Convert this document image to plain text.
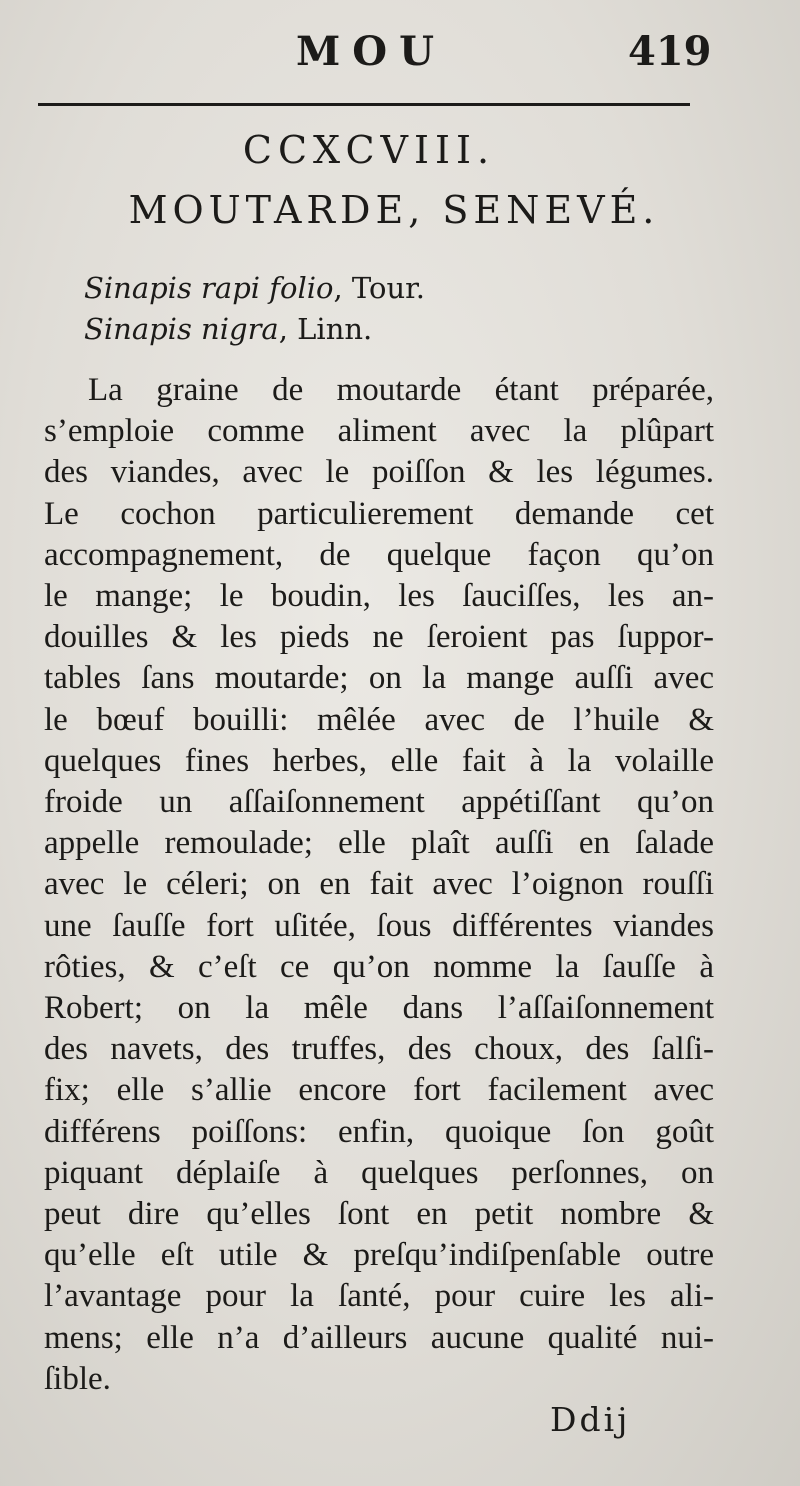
MOU	419
CCXCVIII.
MOUTARDE, SENEVÉ.
Sinapis rapi folio, Tour.
Sinapis nigra, Linn.
La graine de moutarde étant préparée,
s’emploie comme aliment avec la plûpart
des viandes, avec le poiſſon & les légumes.
Le cochon particulierement demande cet
accompagnement, de quelque façon qu’on
le mange; le boudin, les ſauciſſes, les an-
douilles & les pieds ne ſeroient pas ſuppor-
tables ſans moutarde; on la mange auſſi avec
le bœuf bouilli: mêlée avec de l’huile &
quelques fines herbes, elle fait à la volaille
froide un aſſaiſonnement appétiſſant qu’on
appelle remoulade; elle plaît auſſi en ſalade
avec le céleri; on en fait avec l’oignon rouſſi
une ſauſſe fort uſitée, ſous différentes viandes
rôties, & c’eſt ce qu’on nomme la ſauſſe à
Robert; on la mêle dans l’aſſaiſonnement
des navets, des truffes, des choux, des ſalſi-
fix; elle s’allie encore fort facilement avec
différens poiſſons: enfin, quoique ſon goût
piquant déplaiſe à quelques perſonnes, on
peut dire qu’elles ſont en petit nombre &
qu’elle eſt utile & preſqu’indiſpenſable outre
l’avantage pour la ſanté, pour cuire les ali-
mens; elle n’a d’ailleurs aucune qualité nui-
ſible.
Ddij
